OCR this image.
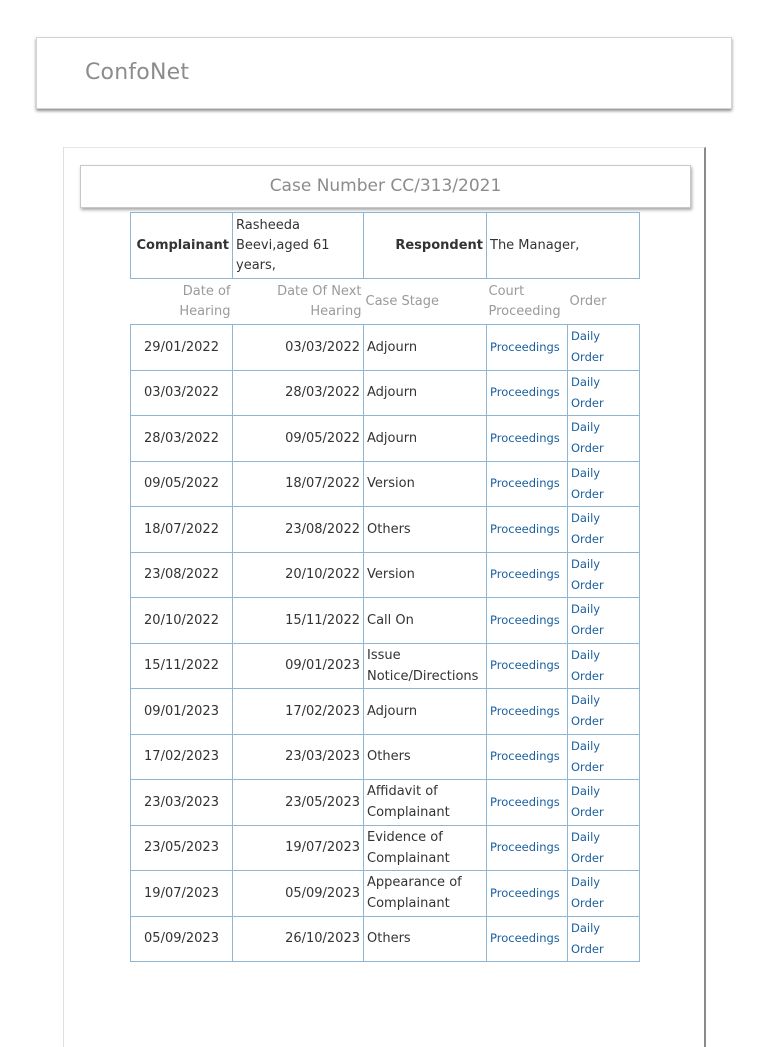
ConfoNet
Case Number CC/313/2021
Complainant	Rasheeda Beevi,aged 61 years,	Respondent	The Manager,
Date of Hearing	Date Of Next Hearing	Case Stage	Court Proceeding	Order
29/01/2022	03/03/2022	Adjourn	Proceedings	Daily Order

03/03/2022	28/03/2022	Adjourn	Proceedings	Daily Order

28/03/2022	09/05/2022	Adjourn	Proceedings	Daily Order

09/05/2022	18/07/2022	Version	Proceedings	Daily Order

18/07/2022	23/08/2022	Others	Proceedings	Daily Order

23/08/2022	20/10/2022	Version	Proceedings	Daily Order

20/10/2022	15/11/2022	Call On	Proceedings	Daily Order

15/11/2022	09/01/2023	Issue Notice/Directions	Proceedings	Daily Order

09/01/2023	17/02/2023	Adjourn	Proceedings	Daily Order

17/02/2023	23/03/2023	Others	Proceedings	Daily Order

23/03/2023	23/05/2023	Affidavit of Complainant	Proceedings	Daily Order

23/05/2023	19/07/2023	Evidence of Complainant	Proceedings	Daily Order

19/07/2023	05/09/2023	Appearance of Complainant	Proceedings	Daily Order

05/09/2023	26/10/2023	Others	Proceedings	Daily Order
